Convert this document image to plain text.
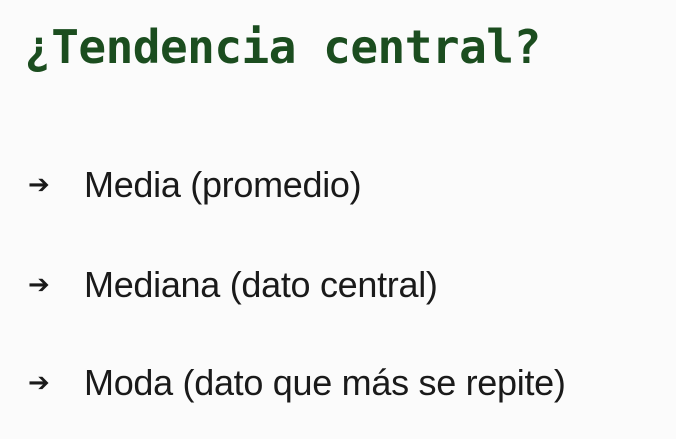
¿Tendencia central?
➔ Media (promedio)
➔ Mediana (dato central)
➔ Moda (dato que más se repite)
